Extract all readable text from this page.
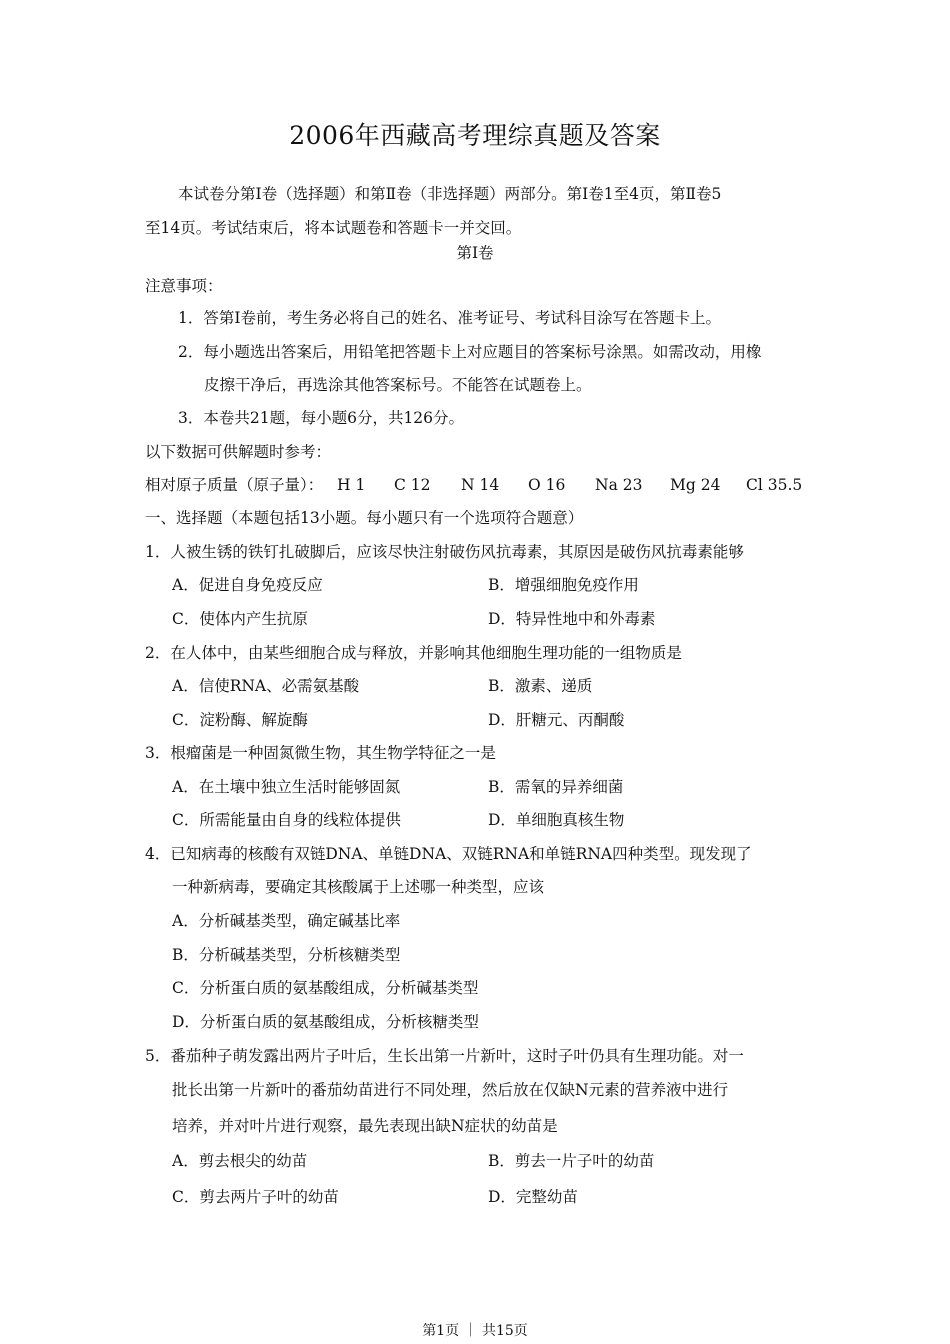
2006年西藏高考理综真题及答案
本试卷分第Ⅰ卷（选择题）和第Ⅱ卷（非选择题）两部分。第Ⅰ卷1至4页，第Ⅱ卷5
至14页。考试结束后，将本试题卷和答题卡一并交回。
第Ⅰ卷
注意事项：
1．答第Ⅰ卷前，考生务必将自己的姓名、准考证号、考试科目涂写在答题卡上。
2．每小题选出答案后，用铅笔把答题卡上对应题目的答案标号涂黑。如需改动，用橡
皮擦干净后，再选涂其他答案标号。不能答在试题卷上。
3．本卷共21题，每小题6分，共126分。
以下数据可供解题时参考：
相对原子质量（原子量）： H 1 C 12 N 14 O 16 Na 23 Mg 24 Cl 35.5
一、选择题（本题包括13小题。每小题只有一个选项符合题意）
1．人被生锈的铁钉扎破脚后，应该尽快注射破伤风抗毒素，其原因是破伤风抗毒素能够
A．促进自身免疫反应	B．增强细胞免疫作用
C．使体内产生抗原	D．特异性地中和外毒素
2．在人体中，由某些细胞合成与释放，并影响其他细胞生理功能的一组物质是
A．信使RNA、必需氨基酸	B．激素、递质
C．淀粉酶、解旋酶	D．肝糖元、丙酮酸
3．根瘤菌是一种固氮微生物，其生物学特征之一是
A．在土壤中独立生活时能够固氮	B．需氧的异养细菌
C．所需能量由自身的线粒体提供	D．单细胞真核生物
4．已知病毒的核酸有双链DNA、单链DNA、双链RNA和单链RNA四种类型。现发现了
一种新病毒，要确定其核酸属于上述哪一种类型，应该
A．分析碱基类型，确定碱基比率
B．分析碱基类型，分析核糖类型
C．分析蛋白质的氨基酸组成，分析碱基类型
D．分析蛋白质的氨基酸组成，分析核糖类型
5．番茄种子萌发露出两片子叶后，生长出第一片新叶，这时子叶仍具有生理功能。对一
批长出第一片新叶的番茄幼苗进行不同处理，然后放在仅缺N元素的营养液中进行
培养，并对叶片进行观察，最先表现出缺N症状的幼苗是
A．剪去根尖的幼苗	B．剪去一片子叶的幼苗
C．剪去两片子叶的幼苗	D．完整幼苗
第1页 ｜ 共15页
